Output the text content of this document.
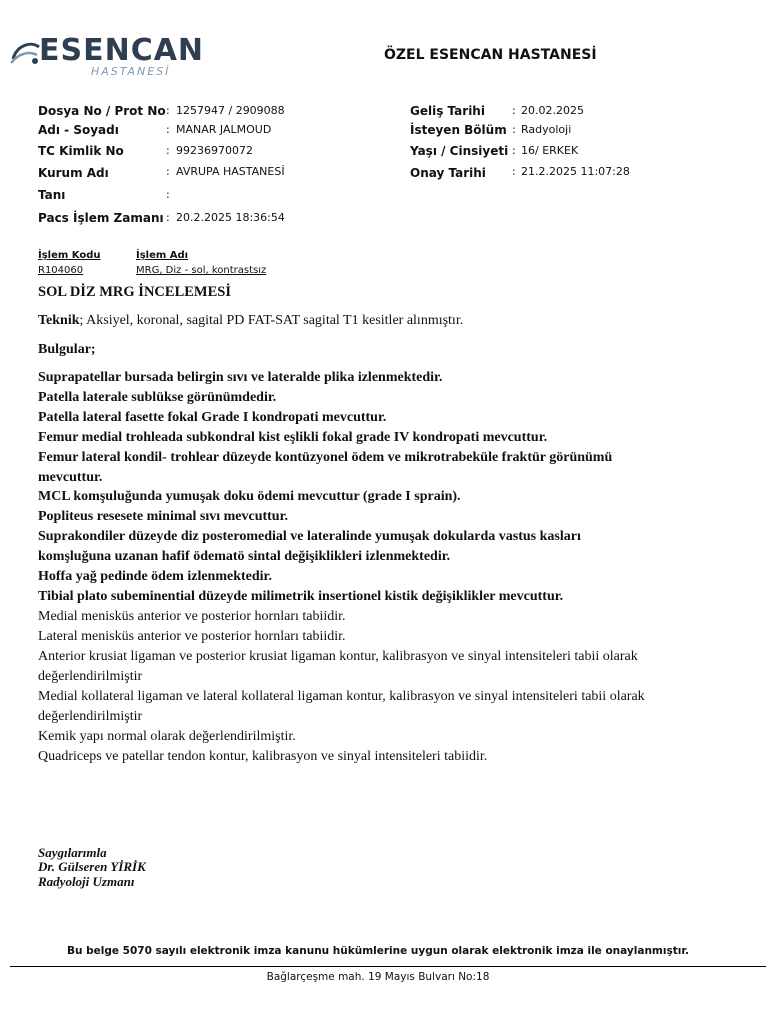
ESENCAN
HASTANESİ
ÖZEL ESENCAN HASTANESİ
Dosya No / Prot No : 1257947 / 2909088
Adı - Soyadı	: MANAR JALMOUD
TC Kimlik No	: 99236970072
Kurum Adı	: AVRUPA HASTANESİ
Tanı	:
Pacs İşlem Zamanı : 20.2.2025 18:36:54
Geliş Tarihi : 20.02.2025
İsteyen Bölüm : Radyoloji
Yaşı / Cinsiyeti : 16/ ERKEK
Onay Tarihi : 21.2.2025 11:07:28
İşlem Kodu	İşlem Adı
R104060	MRG, Diz - sol, kontrastsız
SOL DİZ MRG İNCELEMESİ
Teknik; Aksiyel, koronal, sagital PD FAT-SAT sagital T1 kesitler alınmıştır.
Bulgular;
Suprapatellar bursada belirgin sıvı ve lateralde plika izlenmektedir.
Patella laterale sublükse görünümdedir.
Patella lateral fasette fokal Grade I kondropati mevcuttur.
Femur medial trohleada subkondral kist eşlikli fokal grade IV kondropati mevcuttur.
Femur lateral kondil- trohlear düzeyde kontüzyonel ödem ve mikrotrabeküle fraktür görünümü
mevcuttur.
MCL komşuluğunda yumuşak doku ödemi mevcuttur (grade I sprain).
Popliteus resesete minimal sıvı mevcuttur.
Suprakondiler düzeyde diz posteromedial ve lateralinde yumuşak dokularda vastus kasları
komşluğuna uzanan hafif ödematö sintal değişiklikleri izlenmektedir.
Hoffa yağ pedinde ödem izlenmektedir.
Tibial plato subeminential düzeyde milimetrik insertionel kistik değişiklikler mevcuttur.
Medial menisküs anterior ve posterior hornları tabiidir.
Lateral menisküs anterior ve posterior hornları tabiidir.
Anterior krusiat ligaman ve posterior krusiat ligaman kontur, kalibrasyon ve sinyal intensiteleri tabii olarak
değerlendirilmiştir
Medial kollateral ligaman ve lateral kollateral ligaman kontur, kalibrasyon ve sinyal intensiteleri tabii olarak
değerlendirilmiştir
Kemik yapı normal olarak değerlendirilmiştir.
Quadriceps ve patellar tendon kontur, kalibrasyon ve sinyal intensiteleri tabiidir.
Saygılarımla
Dr. Gülseren YİRİK
Radyoloji Uzmanı
Bu belge 5070 sayılı elektronik imza kanunu hükümlerine uygun olarak elektronik imza ile onaylanmıştır.
Bağlarçeşme mah. 19 Mayıs Bulvarı No:18
